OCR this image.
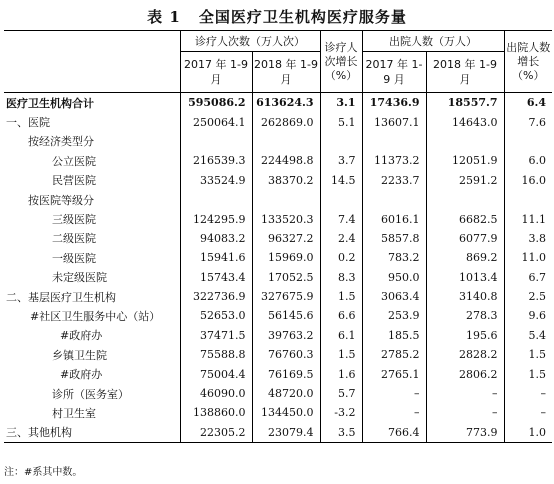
表 1 全国医疗卫生机构医疗服务量
	诊疗人次数（万人次）		诊疗人次增长（%）	出院人数（万人）		出院人数增长（%）
	2017 年 1-9 月	2018 年 1-9 月		2017 年 1-9 月	2018 年 1-9 月	
医疗卫生机构合计	595086.2	613624.3	3.1	17436.9	18557.7	6.4
一、医院	250064.1	262869.0	5.1	13607.1	14643.0	7.6
按经济类型分						
公立医院	216539.3	224498.8	3.7	11373.2	12051.9	6.0
民营医院	33524.9	38370.2	14.5	2233.7	2591.2	16.0
按医院等级分						
三级医院	124295.9	133520.3	7.4	6016.1	6682.5	11.1
二级医院	94083.2	96327.2	2.4	5857.8	6077.9	3.8
一级医院	15941.6	15969.0	0.2	783.2	869.2	11.0
未定级医院	15743.4	17052.5	8.3	950.0	1013.4	6.7
二、基层医疗卫生机构	322736.9	327675.9	1.5	3063.4	3140.8	2.5
#社区卫生服务中心（站）	52653.0	56145.6	6.6	253.9	278.3	9.6
#政府办	37471.5	39763.2	6.1	185.5	195.6	5.4
乡镇卫生院	75588.8	76760.3	1.5	2785.2	2828.2	1.5
#政府办	75004.4	76169.5	1.6	2765.1	2806.2	1.5
诊所（医务室）	46090.0	48720.0	5.7	–	–	–
村卫生室	138860.0	134450.0	-3.2	–	–	–
三、其他机构	22305.2	23079.4	3.5	766.4	773.9	1.0
注：#系其中数。
